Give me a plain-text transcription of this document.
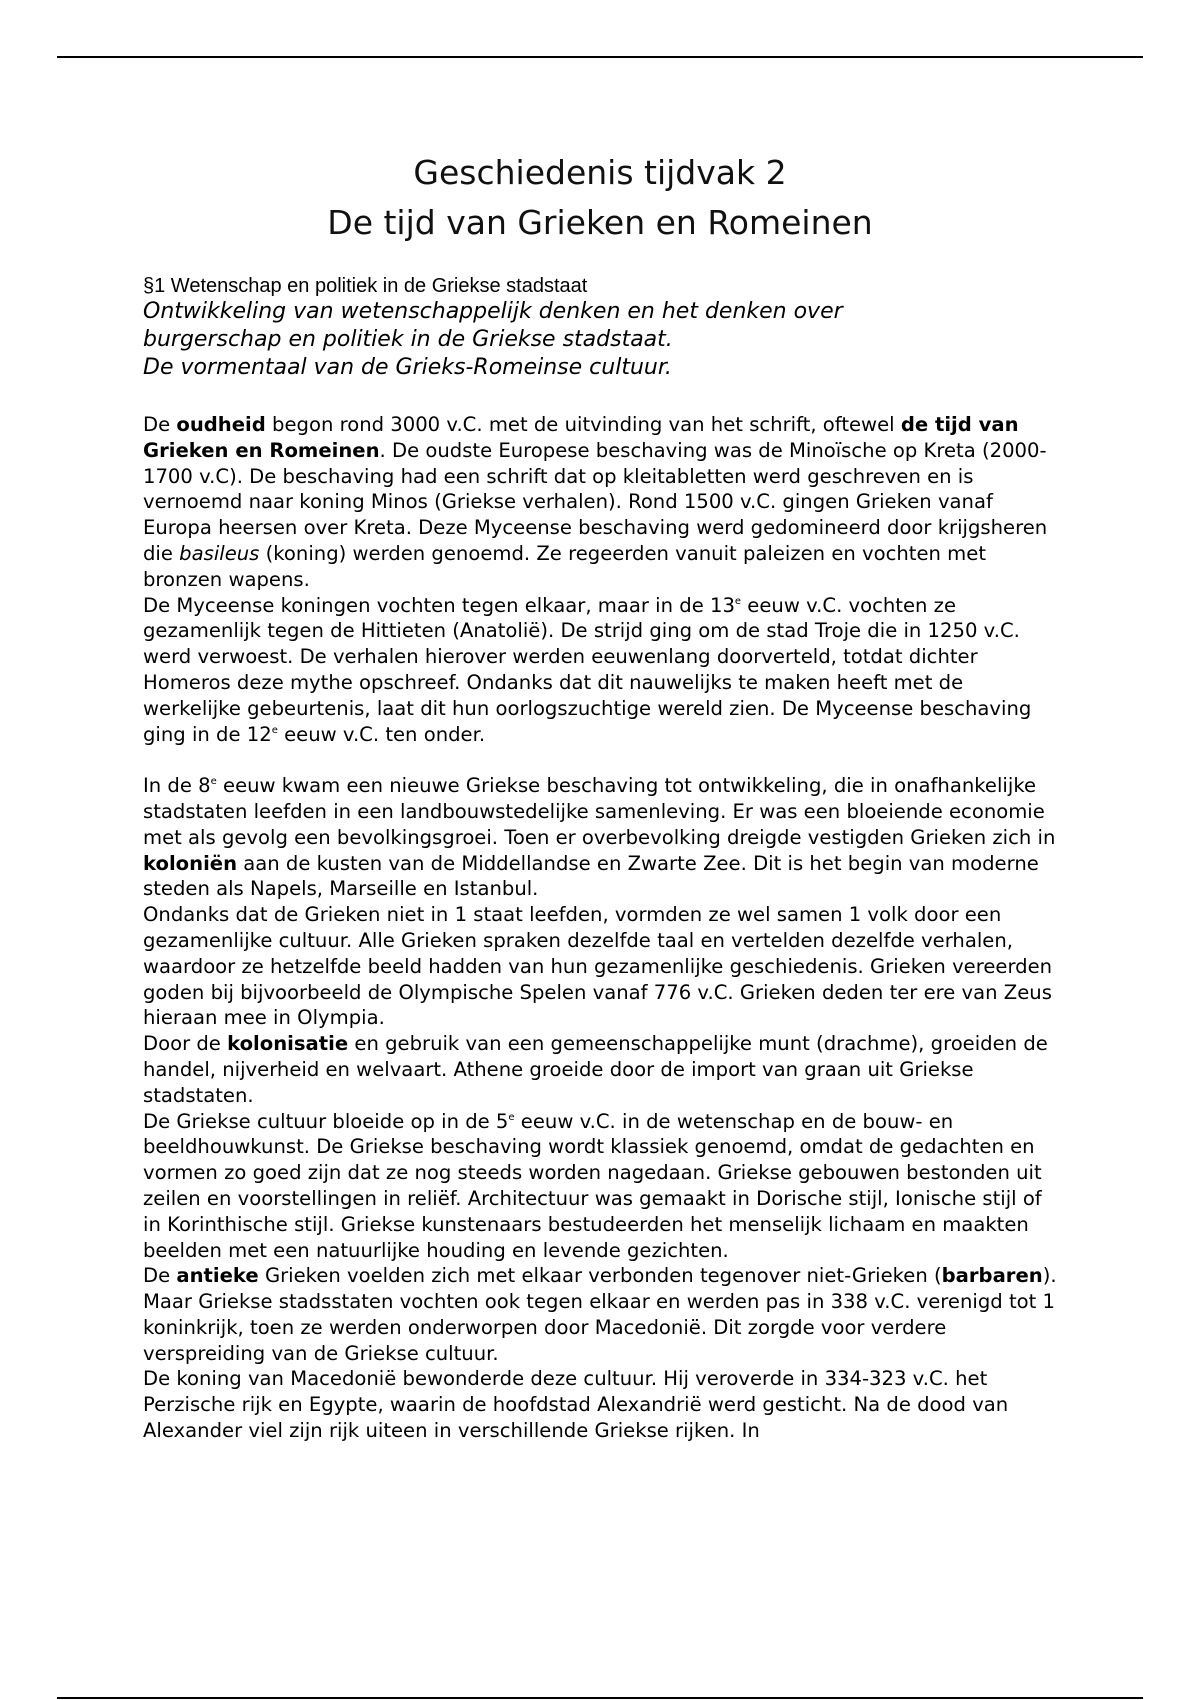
Geschiedenis tijdvak 2
De tijd van Grieken en Romeinen
§1 Wetenschap en politiek in de Griekse stadstaat
Ontwikkeling van wetenschappelijk denken en het denken over
burgerschap en politiek in de Griekse stadstaat.
De vormentaal van de Grieks-Romeinse cultuur.

De oudheid begon rond 3000 v.C. met de uitvinding van het schrift, oftewel de tijd van Grieken en Romeinen. De oudste Europese beschaving was de Minoïsche op Kreta (2000-1700 v.C). De beschaving had een schrift dat op kleitabletten werd geschreven en is vernoemd naar koning Minos (Griekse verhalen). Rond 1500 v.C. gingen Grieken vanaf Europa heersen over Kreta. Deze Myceense beschaving werd gedomineerd door krijgsheren die basileus (koning) werden genoemd. Ze regeerden vanuit paleizen en vochten met bronzen wapens.

De Myceense koningen vochten tegen elkaar, maar in de 13e eeuw v.C. vochten ze gezamenlijk tegen de Hittieten (Anatolië). De strijd ging om de stad Troje die in 1250 v.C. werd verwoest. De verhalen hierover werden eeuwenlang doorverteld, totdat dichter Homeros deze mythe opschreef. Ondanks dat dit nauwelijks te maken heeft met de werkelijke gebeurtenis, laat dit hun oorlogszuchtige wereld zien. De Myceense beschaving ging in de 12e eeuw v.C. ten onder.

In de 8e eeuw kwam een nieuwe Griekse beschaving tot ontwikkeling, die in onafhankelijke stadstaten leefden in een landbouwstedelijke samenleving. Er was een bloeiende economie met als gevolg een bevolkingsgroei. Toen er overbevolking dreigde vestigden Grieken zich in koloniën aan de kusten van de Middellandse en Zwarte Zee. Dit is het begin van moderne steden als Napels, Marseille en Istanbul.

Ondanks dat de Grieken niet in 1 staat leefden, vormden ze wel samen 1 volk door een gezamenlijke cultuur. Alle Grieken spraken dezelfde taal en vertelden dezelfde verhalen, waardoor ze hetzelfde beeld hadden van hun gezamenlijke geschiedenis. Grieken vereerden goden bij bijvoorbeeld de Olympische Spelen vanaf 776 v.C. Grieken deden ter ere van Zeus hieraan mee in Olympia.

Door de kolonisatie en gebruik van een gemeenschappelijke munt (drachme), groeiden de handel, nijverheid en welvaart. Athene groeide door de import van graan uit Griekse stadstaten.

De Griekse cultuur bloeide op in de 5e eeuw v.C. in de wetenschap en de bouw- en beeldhouwkunst. De Griekse beschaving wordt klassiek genoemd, omdat de gedachten en vormen zo goed zijn dat ze nog steeds worden nagedaan. Griekse gebouwen bestonden uit zeilen en voorstellingen in reliëf. Architectuur was gemaakt in Dorische stijl, Ionische stijl of in Korinthische stijl. Griekse kunstenaars bestudeerden het menselijk lichaam en maakten beelden met een natuurlijke houding en levende gezichten.

De antieke Grieken voelden zich met elkaar verbonden tegenover niet-Grieken (barbaren). Maar Griekse stadsstaten vochten ook tegen elkaar en werden pas in 338 v.C. verenigd tot 1 koninkrijk, toen ze werden onderworpen door Macedonië. Dit zorgde voor verdere verspreiding van de Griekse cultuur.

De koning van Macedonië bewonderde deze cultuur. Hij veroverde in 334-323 v.C. het Perzische rijk en Egypte, waarin de hoofdstad Alexandrië werd gesticht. Na de dood van Alexander viel zijn rijk uiteen in verschillende Griekse rijken. In
